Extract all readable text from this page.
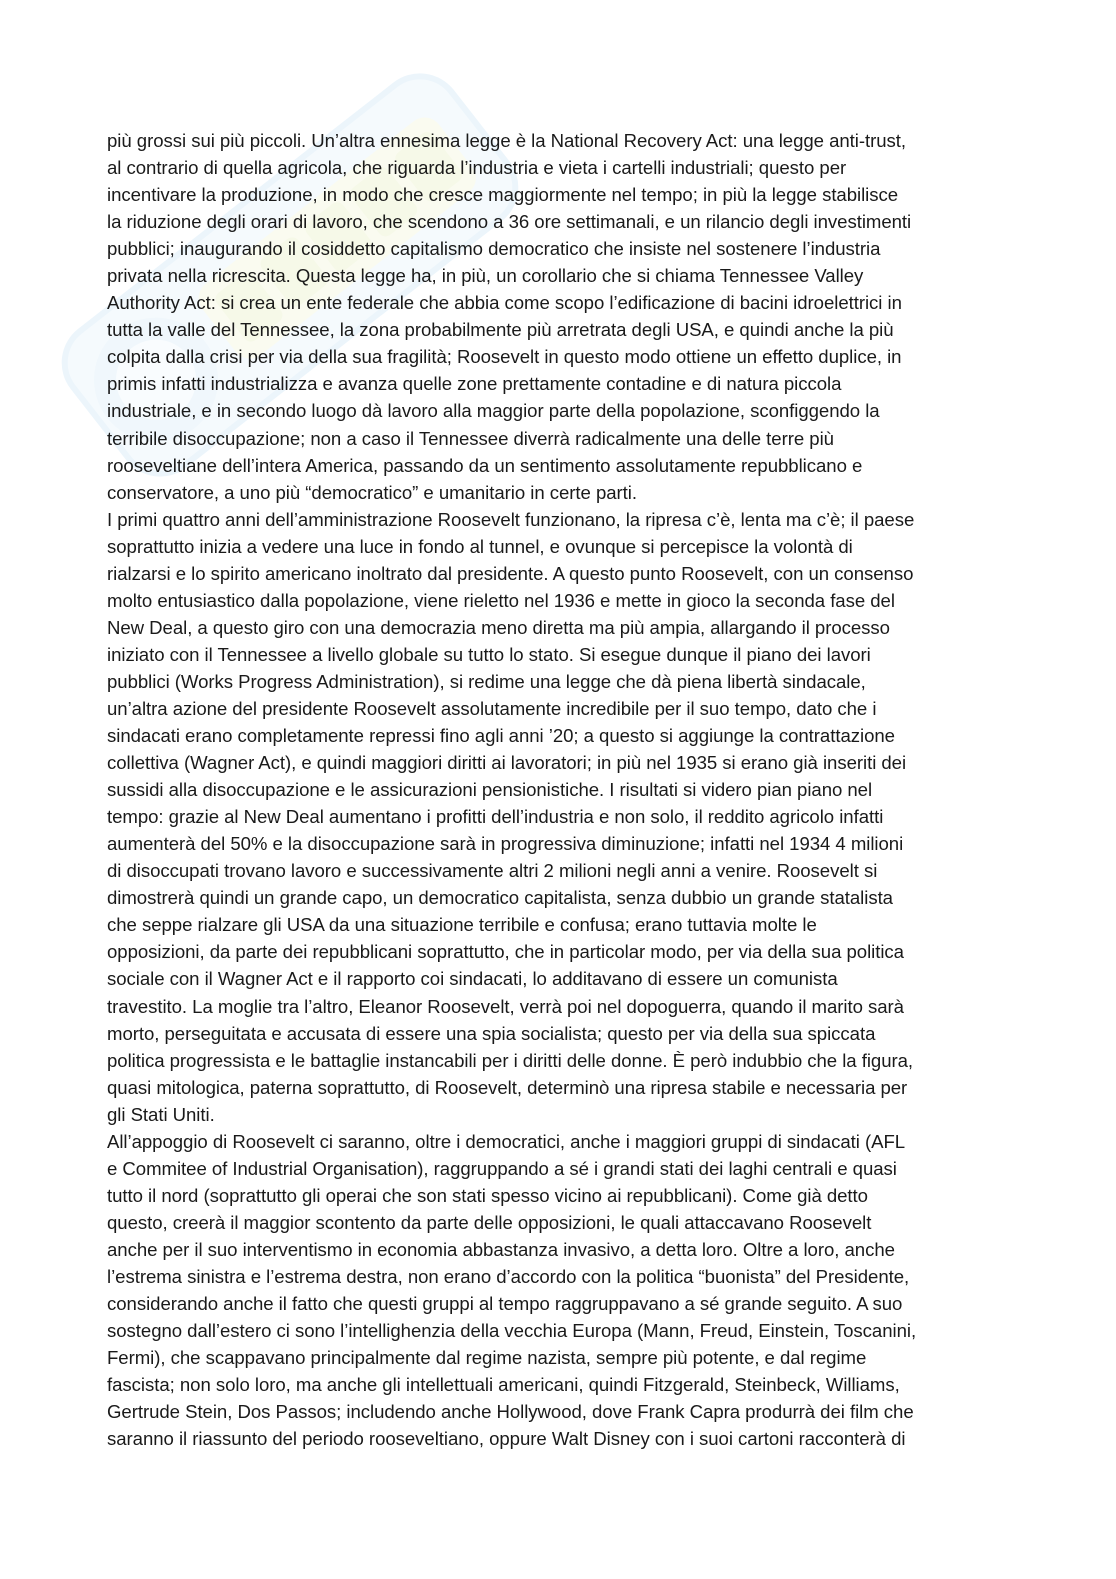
più grossi sui più piccoli. Un’altra ennesima legge è la National Recovery Act: una legge anti-trust,
al contrario di quella agricola, che riguarda l’industria e vieta i cartelli industriali; questo per
incentivare la produzione, in modo che cresce maggiormente nel tempo; in più la legge stabilisce
la riduzione degli orari di lavoro, che scendono a 36 ore settimanali, e un rilancio degli investimenti
pubblici; inaugurando il cosiddetto capitalismo democratico che insiste nel sostenere l’industria
privata nella ricrescita. Questa legge ha, in più, un corollario che si chiama Tennessee Valley
Authority Act: si crea un ente federale che abbia come scopo l’edificazione di bacini idroelettrici in
tutta la valle del Tennessee, la zona probabilmente più arretrata degli USA, e quindi anche la più
colpita dalla crisi per via della sua fragilità; Roosevelt in questo modo ottiene un effetto duplice, in
primis infatti industrializza e avanza quelle zone prettamente contadine e di natura piccola
industriale, e in secondo luogo dà lavoro alla maggior parte della popolazione, sconfiggendo la
terribile disoccupazione; non a caso il Tennessee diverrà radicalmente una delle terre più
rooseveltiane dell’intera America, passando da un sentimento assolutamente repubblicano e
conservatore, a uno più “democratico” e umanitario in certe parti.
I primi quattro anni dell’amministrazione Roosevelt funzionano, la ripresa c’è, lenta ma c’è; il paese
soprattutto inizia a vedere una luce in fondo al tunnel, e ovunque si percepisce la volontà di
rialzarsi e lo spirito americano inoltrato dal presidente. A questo punto Roosevelt, con un consenso
molto entusiastico dalla popolazione, viene rieletto nel 1936 e mette in gioco la seconda fase del
New Deal, a questo giro con una democrazia meno diretta ma più ampia, allargando il processo
iniziato con il Tennessee a livello globale su tutto lo stato. Si esegue dunque il piano dei lavori
pubblici (Works Progress Administration), si redime una legge che dà piena libertà sindacale,
un’altra azione del presidente Roosevelt assolutamente incredibile per il suo tempo, dato che i
sindacati erano completamente repressi fino agli anni ’20; a questo si aggiunge la contrattazione
collettiva (Wagner Act), e quindi maggiori diritti ai lavoratori; in più nel 1935 si erano già inseriti dei
sussidi alla disoccupazione e le assicurazioni pensionistiche. I risultati si videro pian piano nel
tempo: grazie al New Deal aumentano i profitti dell’industria e non solo, il reddito agricolo infatti
aumenterà del 50% e la disoccupazione sarà in progressiva diminuzione; infatti nel 1934 4 milioni
di disoccupati trovano lavoro e successivamente altri 2 milioni negli anni a venire. Roosevelt si
dimostrerà quindi un grande capo, un democratico capitalista, senza dubbio un grande statalista
che seppe rialzare gli USA da una situazione terribile e confusa; erano tuttavia molte le
opposizioni, da parte dei repubblicani soprattutto, che in particolar modo, per via della sua politica
sociale con il Wagner Act e il rapporto coi sindacati, lo additavano di essere un comunista
travestito. La moglie tra l’altro, Eleanor Roosevelt, verrà poi nel dopoguerra, quando il marito sarà
morto, perseguitata e accusata di essere una spia socialista; questo per via della sua spiccata
politica progressista e le battaglie instancabili per i diritti delle donne. È però indubbio che la figura,
quasi mitologica, paterna soprattutto, di Roosevelt, determinò una ripresa stabile e necessaria per
gli Stati Uniti.
All’appoggio di Roosevelt ci saranno, oltre i democratici, anche i maggiori gruppi di sindacati (AFL
e Commitee of Industrial Organisation), raggruppando a sé i grandi stati dei laghi centrali e quasi
tutto il nord (soprattutto gli operai che son stati spesso vicino ai repubblicani). Come già detto
questo, creerà il maggior scontento da parte delle opposizioni, le quali attaccavano Roosevelt
anche per il suo interventismo in economia abbastanza invasivo, a detta loro. Oltre a loro, anche
l’estrema sinistra e l’estrema destra, non erano d’accordo con la politica “buonista” del Presidente,
considerando anche il fatto che questi gruppi al tempo raggruppavano a sé grande seguito. A suo
sostegno dall’estero ci sono l’intellighenzia della vecchia Europa (Mann, Freud, Einstein, Toscanini,
Fermi), che scappavano principalmente dal regime nazista, sempre più potente, e dal regime
fascista; non solo loro, ma anche gli intellettuali americani, quindi Fitzgerald, Steinbeck, Williams,
Gertrude Stein, Dos Passos; includendo anche Hollywood, dove Frank Capra produrrà dei film che
saranno il riassunto del periodo rooseveltiano, oppure Walt Disney con i suoi cartoni racconterà di
